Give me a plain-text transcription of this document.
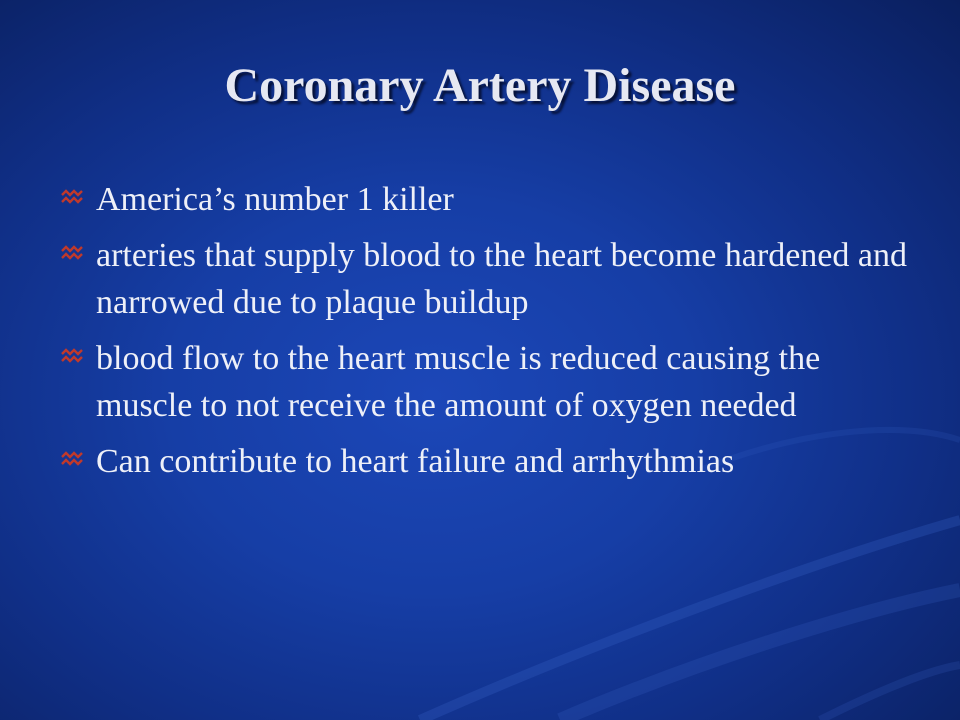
Coronary Artery Disease
America’s number 1 killer
arteries that supply blood to the heart become hardened and narrowed due to plaque buildup
blood flow to the heart muscle is reduced causing the muscle to not receive the amount of oxygen needed
Can contribute to heart failure and arrhythmias
